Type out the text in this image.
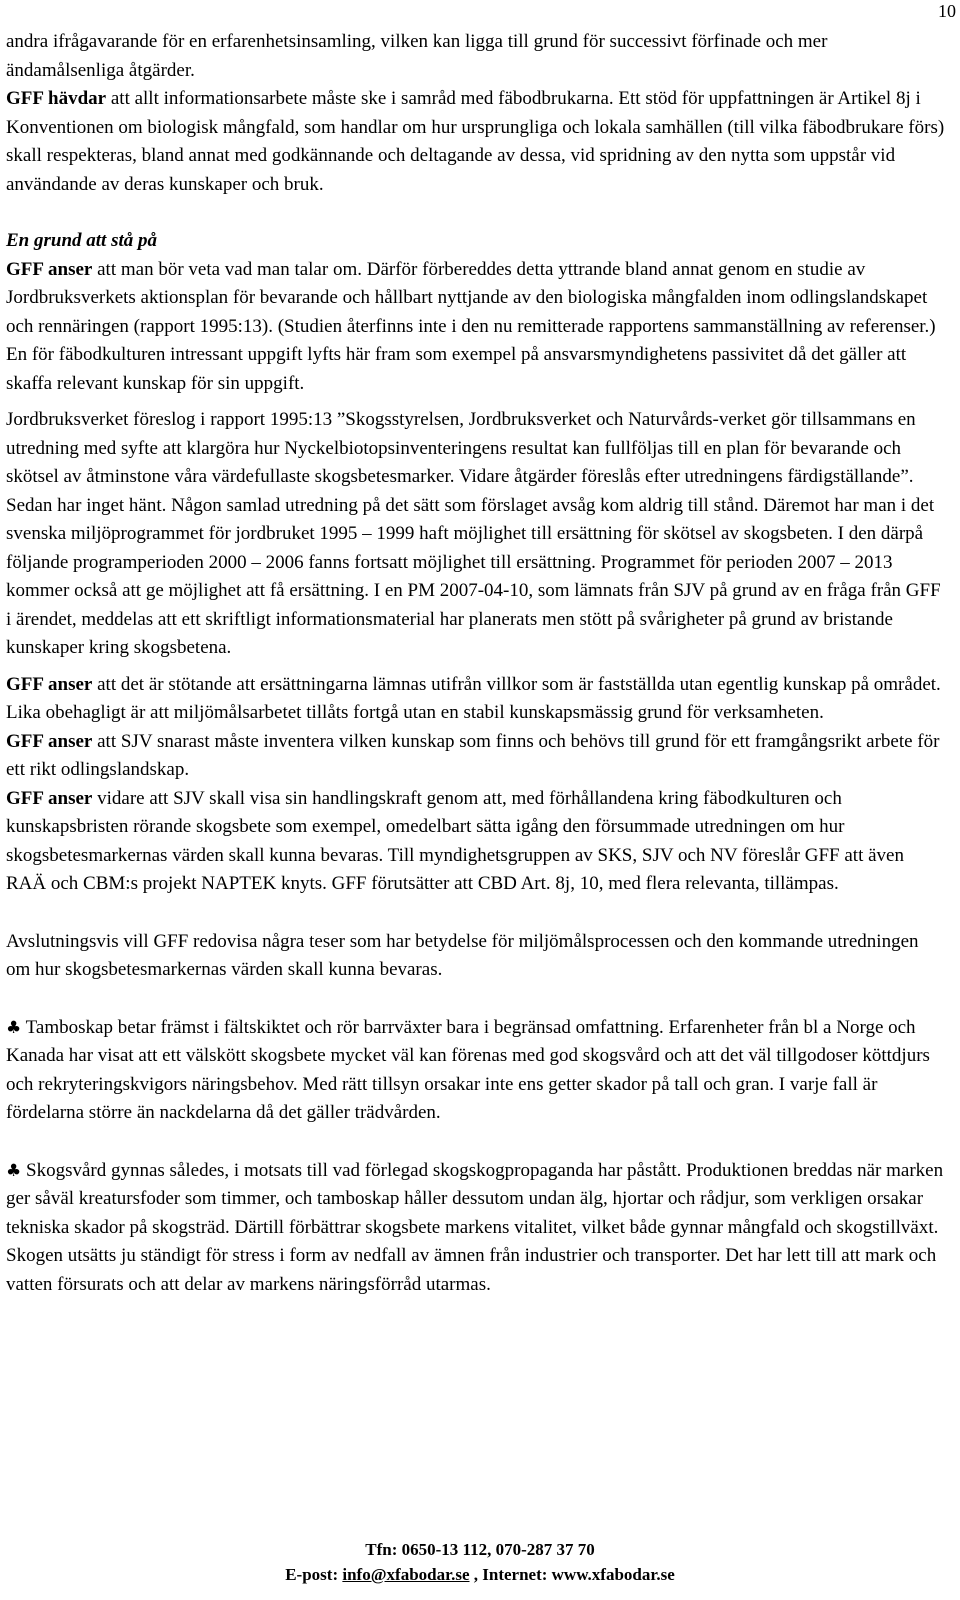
10

andra ifrågavarande för en erfarenhetsinsamling, vilken kan ligga till grund för successivt förfinade och mer ändamålsenliga åtgärder.

GFF hävdar att allt informationsarbete måste ske i samråd med fäbodbrukarna. Ett stöd för uppfattningen är Artikel 8j i Konventionen om biologisk mångfald, som handlar om hur ursprungliga och lokala samhällen (till vilka fäbodbrukare förs) skall respekteras, bland annat med godkännande och deltagande av dessa, vid spridning av den nytta som uppstår vid användande av deras kunskaper och bruk.

En grund att stå på

GFF anser att man bör veta vad man talar om. Därför förbereddes detta yttrande bland annat genom en studie av Jordbruksverkets aktionsplan för bevarande och hållbart nyttjande av den biologiska mångfalden inom odlingslandskapet och rennäringen (rapport 1995:13). (Studien återfinns inte i den nu remitterade rapportens sammanställning av referenser.) En för fäbodkulturen intressant uppgift lyfts här fram som exempel på ansvarsmyndighetens passivitet då det gäller att skaffa relevant kunskap för sin uppgift.

Jordbruksverket föreslog i rapport 1995:13 ”Skogsstyrelsen, Jordbruksverket och Naturvårds-verket gör tillsammans en utredning med syfte att klargöra hur Nyckelbiotopsinventeringens resultat kan fullföljas till en plan för bevarande och skötsel av åtminstone våra värdefullaste skogsbetesmarker. Vidare åtgärder föreslås efter utredningens färdigställande”. Sedan har inget hänt. Någon samlad utredning på det sätt som förslaget avsåg kom aldrig till stånd. Däremot har man i det svenska miljöprogrammet för jordbruket 1995 – 1999 haft möjlighet till ersättning för skötsel av skogsbeten. I den därpå följande programperioden 2000 – 2006 fanns fortsatt möjlighet till ersättning. Programmet för perioden 2007 – 2013 kommer också att ge möjlighet att få ersättning. I en PM 2007-04-10, som lämnats från SJV på grund av en fråga från GFF i ärendet, meddelas att ett skriftligt informationsmaterial har planerats men stött på svårigheter på grund av bristande kunskaper kring skogsbetena.

GFF anser att det är stötande att ersättningarna lämnas utifrån villkor som är fastställda utan egentlig kunskap på området. Lika obehagligt är att miljömålsarbetet tillåts fortgå utan en stabil kunskapsmässig grund för verksamheten.

GFF anser att SJV snarast måste inventera vilken kunskap som finns och behövs till grund för ett framgångsrikt arbete för ett rikt odlingslandskap.

GFF anser vidare att SJV skall visa sin handlingskraft genom att, med förhållandena kring fäbodkulturen och kunskapsbristen rörande skogsbete som exempel, omedelbart sätta igång den försummade utredningen om hur skogsbetesmarkernas värden skall kunna bevaras. Till myndighetsgruppen av SKS, SJV och NV föreslår GFF att även RAÄ och CBM:s projekt NAPTEK knyts. GFF förutsätter att CBD Art. 8j, 10, med flera relevanta, tillämpas.

Avslutningsvis vill GFF redovisa några teser som har betydelse för miljömålsprocessen och den kommande utredningen om hur skogsbetesmarkernas värden skall kunna bevaras.

♣ Tamboskap betar främst i fältskiktet och rör barrväxter bara i begränsad omfattning. Erfarenheter från bl a Norge och Kanada har visat att ett välskött skogsbete mycket väl kan förenas med god skogsvård och att det väl tillgodoser köttdjurs och rekryteringskvigors näringsbehov. Med rätt tillsyn orsakar inte ens getter skador på tall och gran. I varje fall är fördelarna större än nackdelarna då det gäller trädvården.

♣ Skogsvård gynnas således, i motsats till vad förlegad skogskogpropaganda har påstått. Produktionen breddas när marken ger såväl kreatursfoder som timmer, och tamboskap håller dessutom undan älg, hjortar och rådjur, som verkligen orsakar tekniska skador på skogsträd. Därtill förbättrar skogsbete markens vitalitet, vilket både gynnar mångfald och skogstillväxt. Skogen utsätts ju ständigt för stress i form av nedfall av ämnen från industrier och transporter. Det har lett till att mark och vatten försurats och att delar av markens näringsförråd utarmas.

Tfn: 0650-13 112, 070-287 37 70
E-post: info@xfabodar.se , Internet: www.xfabodar.se
